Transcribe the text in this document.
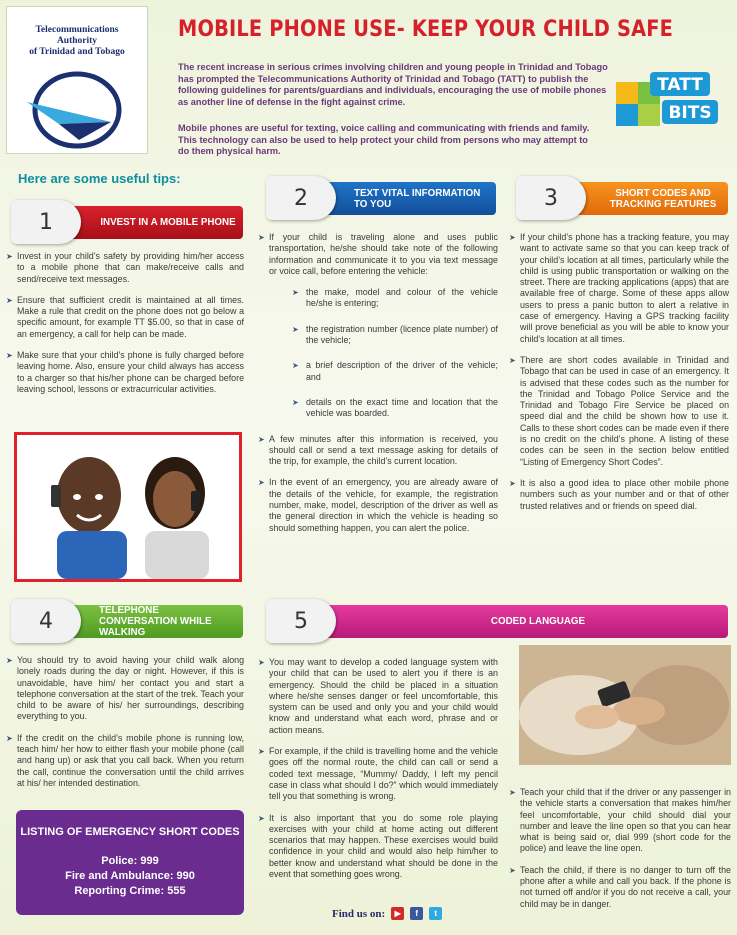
Telecommunications
Authority
of Trinidad and Tobago
MOBILE PHONE USE- KEEP YOUR CHILD SAFE
The recent increase in serious crimes involving children and young people in Trinidad and Tobago has prompted the Telecommunications Authority of Trinidad and Tobago (TATT) to publish the following guidelines for parents/guardians and individuals, encouraging the use of mobile phones as another line of defense in the fight against crime.
Mobile phones are useful for texting, voice calling and communicating with friends and family. This technology can also be used to help protect your child from persons who may attempt to do them physical harm.
TATT
BITS
Here are some useful tips:
1	INVEST IN A MOBILE PHONE

➤ Invest in your child’s safety by providing him/her access to a mobile phone that can make/receive calls and send/receive text messages.

➤ Ensure that sufficient credit is maintained at all times. Make a rule that credit on the phone does not go below a specific amount, for example TT $5.00, so that in case of an emergency, a call for help can be made.

➤ Make sure that your child’s phone is fully charged before leaving home. Also, ensure your child always has access to a charger so that his/her phone can be charged before leaving school, lessons or extracurricular activities.

2	TEXT VITAL INFORMATION TO YOU

➤ If your child is traveling alone and uses public transportation, he/she should take note of the following information and communicate it to you via text message or voice call, before entering the vehicle:

➤ the make, model and colour of the vehicle he/she is entering;

➤ the registration number (licence plate number) of the vehicle;

➤ a brief description of the driver of the vehicle; and

➤ details on the exact time and location that the vehicle was boarded.

➤ A few minutes after this information is received, you should call or send a text message asking for details of the trip, for example, the child’s current location.

➤ In the event of an emergency, you are already aware of the details of the vehicle, for example, the registration number, make, model, description of the driver as well as the general direction in which the vehicle is heading so should something happen, you can alert the police.

3	SHORT CODES AND TRACKING FEATURES

➤ If your child’s phone has a tracking feature, you may want to activate same so that you can keep track of your child’s location at all times, particularly while the child is using public transportation or walking on the street. There are tracking applications (apps) that are available free of charge. Some of these apps allow users to press a panic button to alert a relative in case of emergency. Having a GPS tracking facility will prove beneficial as you will be able to know your child’s location at all times.

➤ There are short codes available in Trinidad and Tobago that can be used in case of an emergency. It is advised that these codes such as the number for the Trinidad and Tobago Police Service and the Trinidad and Tobago Fire Service be placed on speed dial and the child be shown how to use it. Calls to these short codes can be made even if there is no credit on the child’s phone. A listing of these codes can be seen in the section below entitled “Listing of Emergency Short Codes”.

➤ It is also a good idea to place other mobile phone numbers such as your number and or that of other trusted relatives and or friends on speed dial.

4	TELEPHONE CONVERSATION WHILE WALKING

➤ You should try to avoid having your child walk along lonely roads during the day or night. However, if this is unavoidable, have him/ her contact you and start a telephone conversation at the start of the trek. Teach your child to be aware of his/ her surroundings, describing everything to you.

➤ If the credit on the child’s mobile phone is running low, teach him/ her how to either flash your mobile phone (call and hang up) or ask that you call back. When you return the call, continue the conversation until the child arrives at his/ her intended destination.

LISTING OF EMERGENCY SHORT CODES
Police: 999
Fire and Ambulance: 990
Reporting Crime: 555
5	CODED LANGUAGE

➤ You may want to develop a coded language system with your child that can be used to alert you if there is an emergency. Should the child be placed in a situation where he/she senses danger or feel uncomfortable, this system can be used and only you and your child would know and understand what each word, phrase and or action means.

➤ For example, if the child is travelling home and the vehicle goes off the normal route, the child can call or send a coded text message, “Mummy/ Daddy, I left my pencil case in class what should I do?” which would immediately tell you that something is wrong.

➤ It is also important that you do some role playing exercises with your child at home acting out different scenarios that may happen. These exercises would build confidence in your child and would also help him/her to better know and understand what should be done in the event that something goes wrong.

➤ Teach your child that if the driver or any passenger in the vehicle starts a conversation that makes him/her feel uncomfortable, your child should dial your number and leave the line open so that you can hear what is being said or, dial 999 (short code for the police) and leave the line open.

➤ Teach the child, if there is no danger to turn off the phone after a while and call you back. If the phone is not turned off and/or if you do not receive a call, your child may be in danger.

Find us on:	▶	f	t
